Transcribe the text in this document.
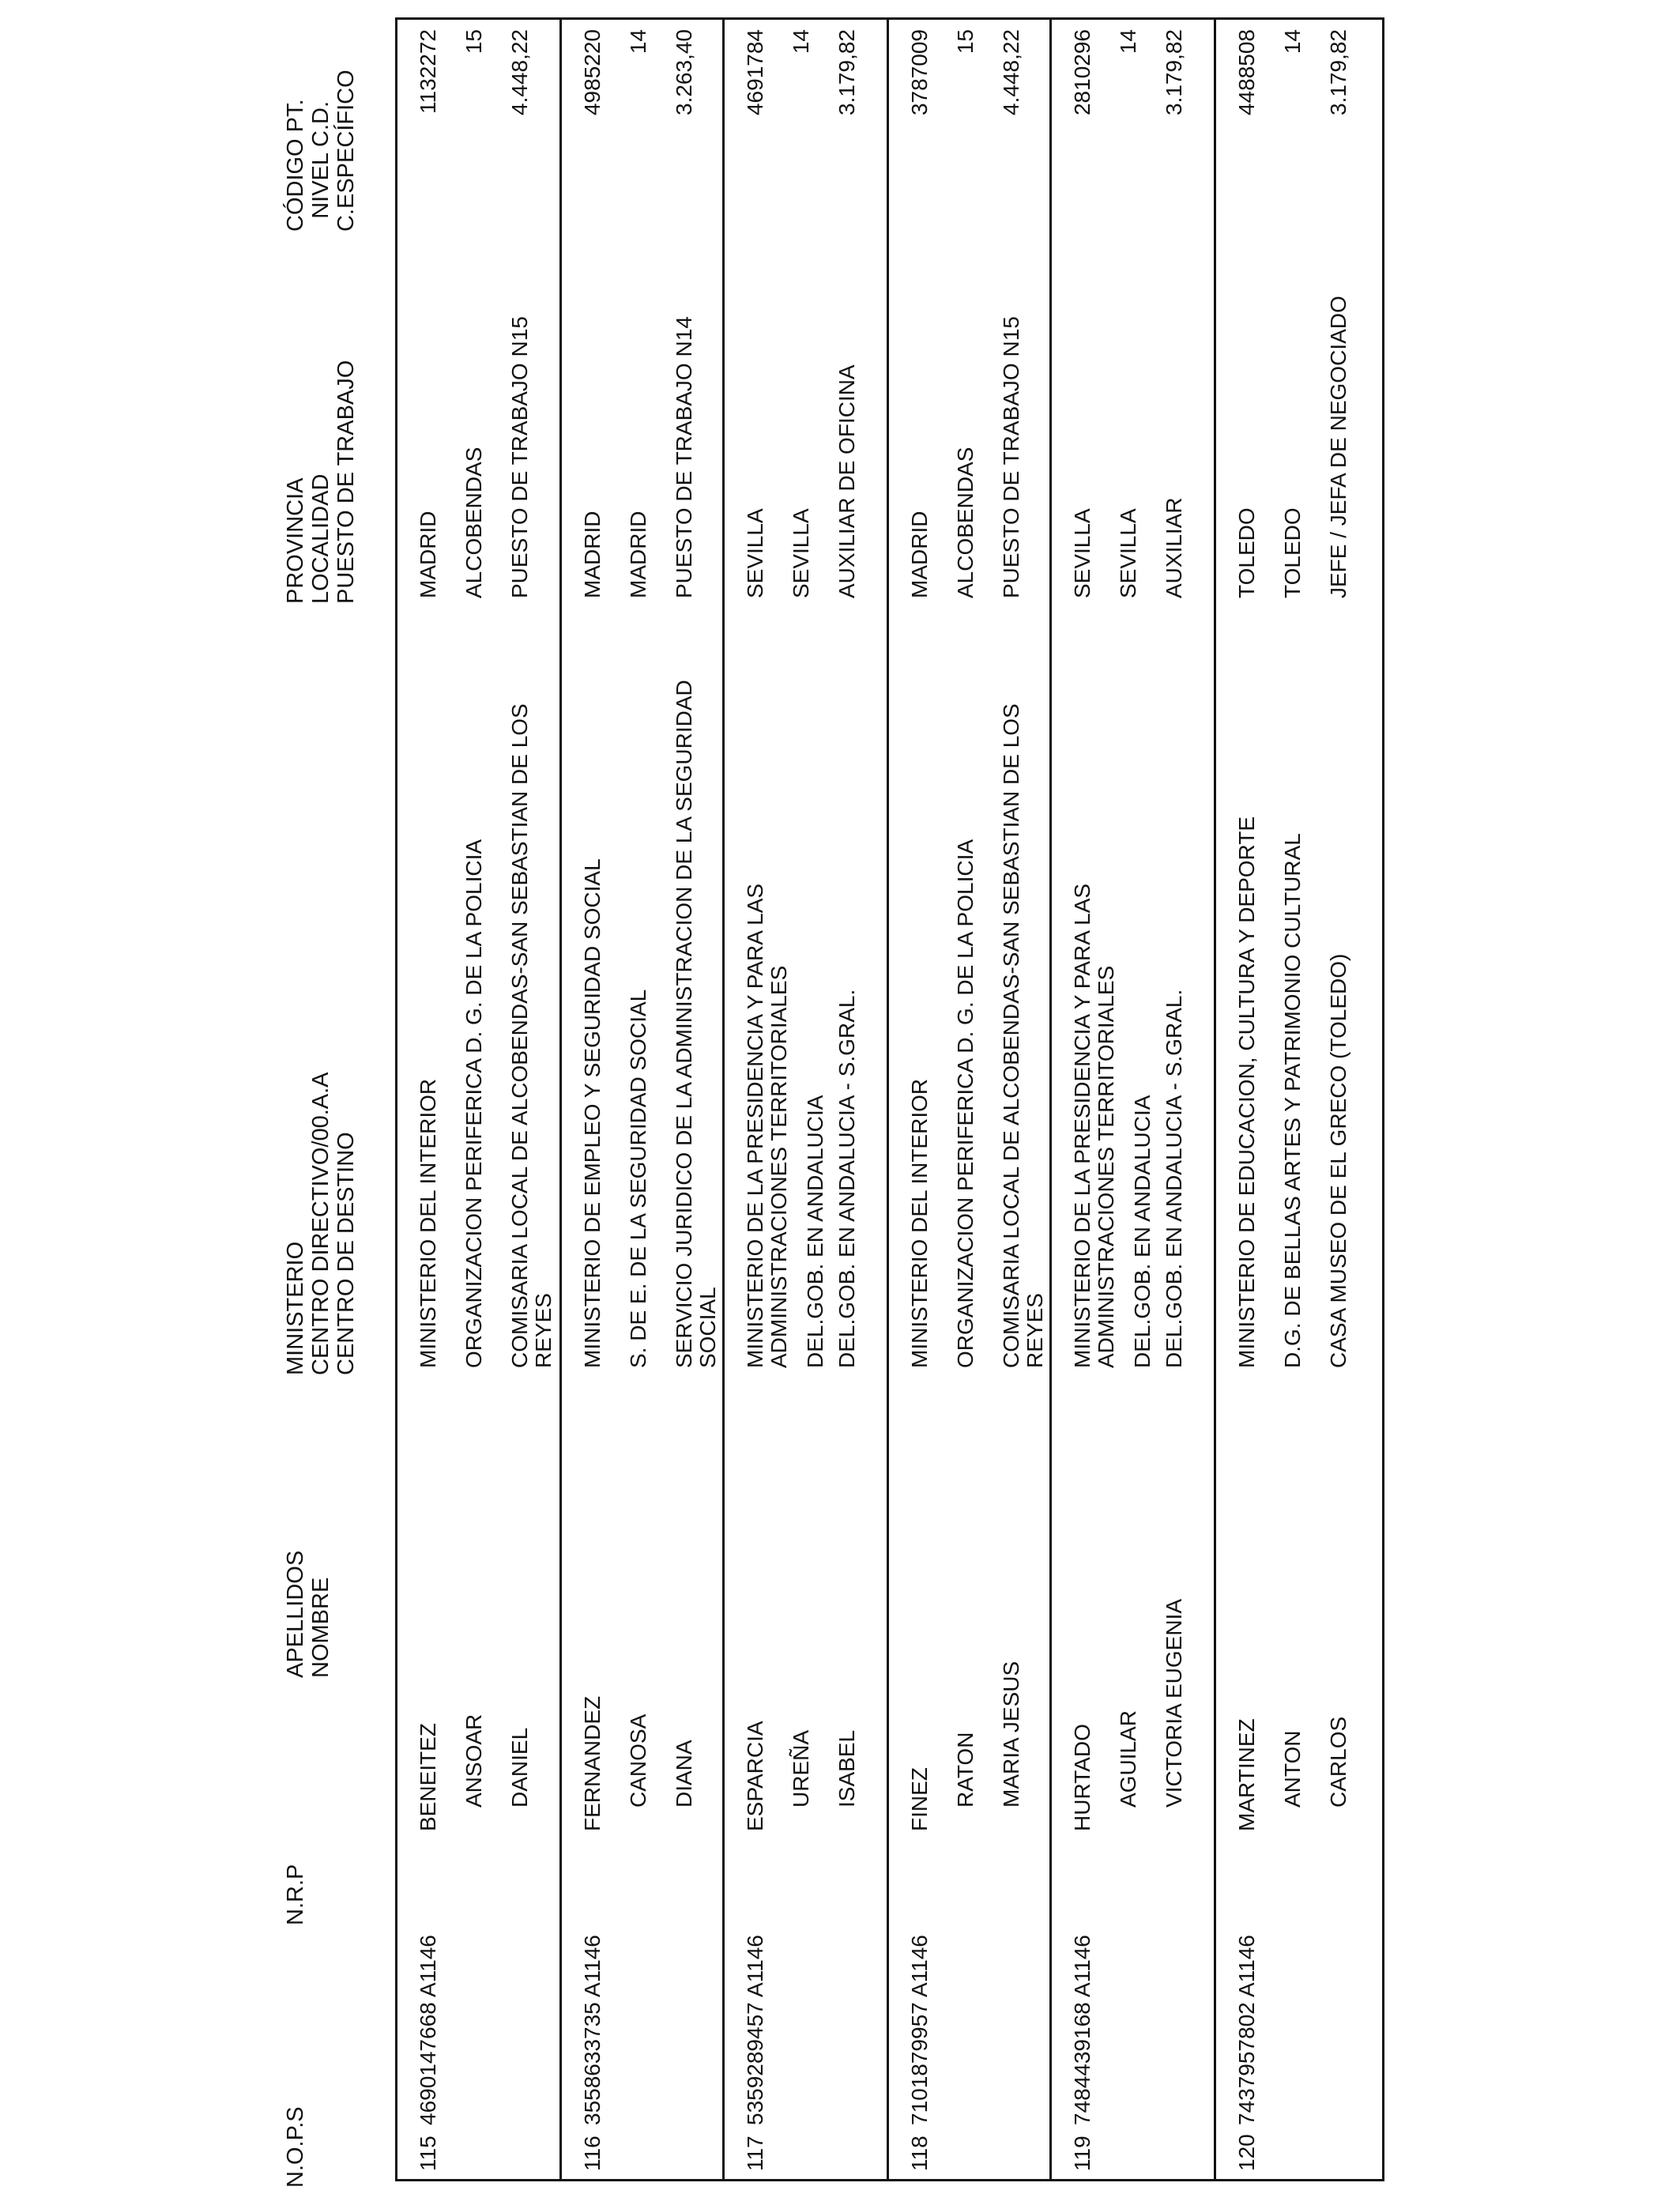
N.O.P.S
N.R.P
APELLIDOS NOMBRE
MINISTERIO CENTRO DIRECTIVO/00.A.A CENTRO DE DESTINO
PROVINCIA LOCALIDAD PUESTO DE TRABAJO
CÓDIGO PT. NIVEL C.D. C.ESPECÍFICO
115
4690147668 A1146
BENEITEZ ANSOAR DANIEL
MINISTERIO DEL INTERIOR ORGANIZACION PERIFERICA D. G. DE LA POLICIA COMISARIA LOCAL DE ALCOBENDAS-SAN SEBASTIAN DE LOS REYES
MADRID ALCOBENDAS PUESTO DE TRABAJO N15
1132272 15 4.448,22
116
3558633735 A1146
FERNANDEZ CANOSA DIANA
MINISTERIO DE EMPLEO Y SEGURIDAD SOCIAL S. DE E. DE LA SEGURIDAD SOCIAL SERVICIO JURIDICO DE LA ADMINISTRACION DE LA SEGURIDAD SOCIAL
MADRID MADRID PUESTO DE TRABAJO N14
4985220 14 3.263,40
117
5359289457 A1146
ESPARCIA UREÑA ISABEL
MINISTERIO DE LA PRESIDENCIA Y PARA LAS ADMINISTRACIONES TERRITORIALES DEL.GOB. EN ANDALUCIA DEL.GOB. EN ANDALUCIA - S.GRAL.
SEVILLA SEVILLA AUXILIAR DE OFICINA
4691784 14 3.179,82
118
7101879957 A1146
FINEZ RATON MARIA JESUS
MINISTERIO DEL INTERIOR ORGANIZACION PERIFERICA D. G. DE LA POLICIA COMISARIA LOCAL DE ALCOBENDAS-SAN SEBASTIAN DE LOS REYES
MADRID ALCOBENDAS PUESTO DE TRABAJO N15
3787009 15 4.448,22
119
7484439168 A1146
HURTADO AGUILAR VICTORIA EUGENIA
MINISTERIO DE LA PRESIDENCIA Y PARA LAS ADMINISTRACIONES TERRITORIALES DEL.GOB. EN ANDALUCIA DEL.GOB. EN ANDALUCIA - S.GRAL.
SEVILLA SEVILLA AUXILIAR
2810296 14 3.179,82
120
7437957802 A1146
MARTINEZ ANTON CARLOS
MINISTERIO DE EDUCACION, CULTURA Y DEPORTE D.G. DE BELLAS ARTES Y PATRIMONIO CULTURAL CASA MUSEO DE EL GRECO (TOLEDO)
TOLEDO TOLEDO JEFE / JEFA DE NEGOCIADO
4488508 14 3.179,82
